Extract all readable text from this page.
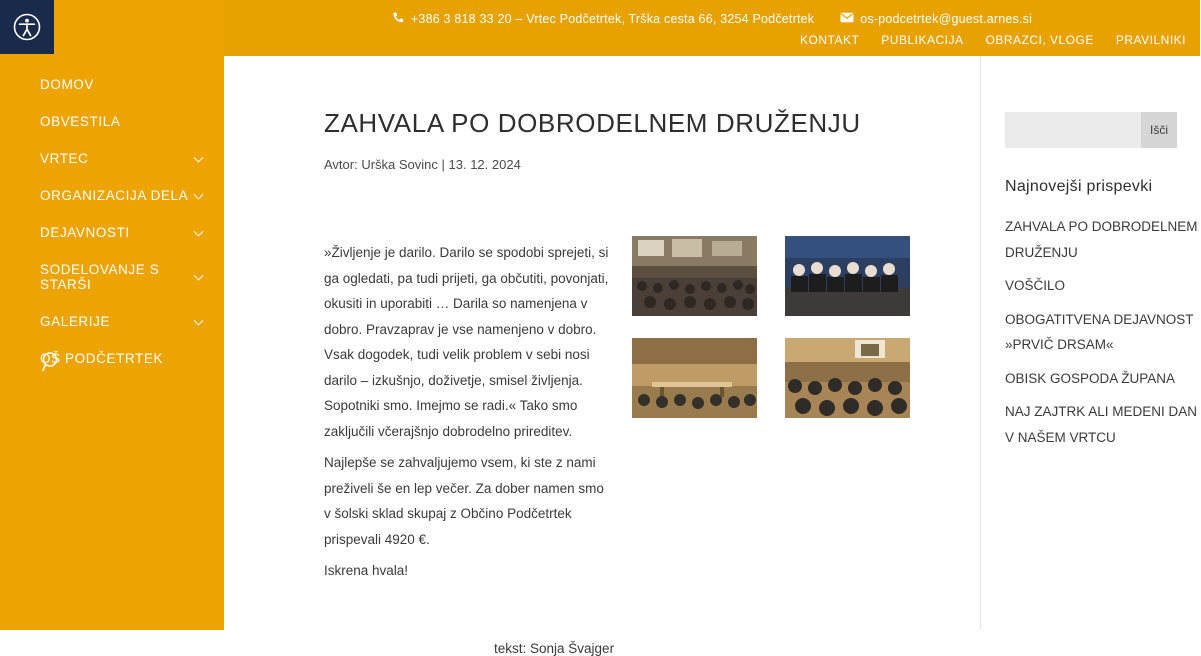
DOMOV
OBVESTILA
VRTEC
ORGANIZACIJA DELA
DEJAVNOSTI
SODELOVANJE S STARŠI
GALERIJE
OŠ PODČETRTEK
+386 3 818 33 20 – Vrtec Podčetrtek, Trška cesta 66, 3254 Podčetrtek	os-podcetrtek@guest.arnes.si
KONTAKT PUBLIKACIJA OBRAZCI, VLOGE PRAVILNIKI
ZAHVALA PO DOBRODELNEM DRUŽENJU
Avtor: Urška Sovinc | 13. 12. 2024

»Življenje je darilo. Darilo se spodobi sprejeti, si ga ogledati, pa tudi prijeti, ga občutiti, povonjati, okusiti in uporabiti … Darila so namenjena v dobro. Pravzaprav je vse namenjeno v dobro. Vsak dogodek, tudi velik problem v sebi nosi darilo – izkušnjo, doživetje, smisel življenja. Sopotniki smo. Imejmo se radi.« Tako smo zaključili včerajšnjo dobrodelno prireditev.

Najlepše se zahvaljujemo vsem, ki ste z nami preživeli še en lep večer. Za dober namen smo v šolski sklad skupaj z Občino Podčetrtek prispevali 4920 €.

Iskrena hvala!

tekst: Sonja Švajger
Išči
Najnovejši prispevki
ZAHVALA PO DOBRODELNEM DRUŽENJU
VOŠČILO
OBOGATITVENA DEJAVNOST »PRVIČ DRSAM«
OBISK GOSPODA ŽUPANA
NAJ ZAJTRK ALI MEDENI DAN V NAŠEM VRTCU
